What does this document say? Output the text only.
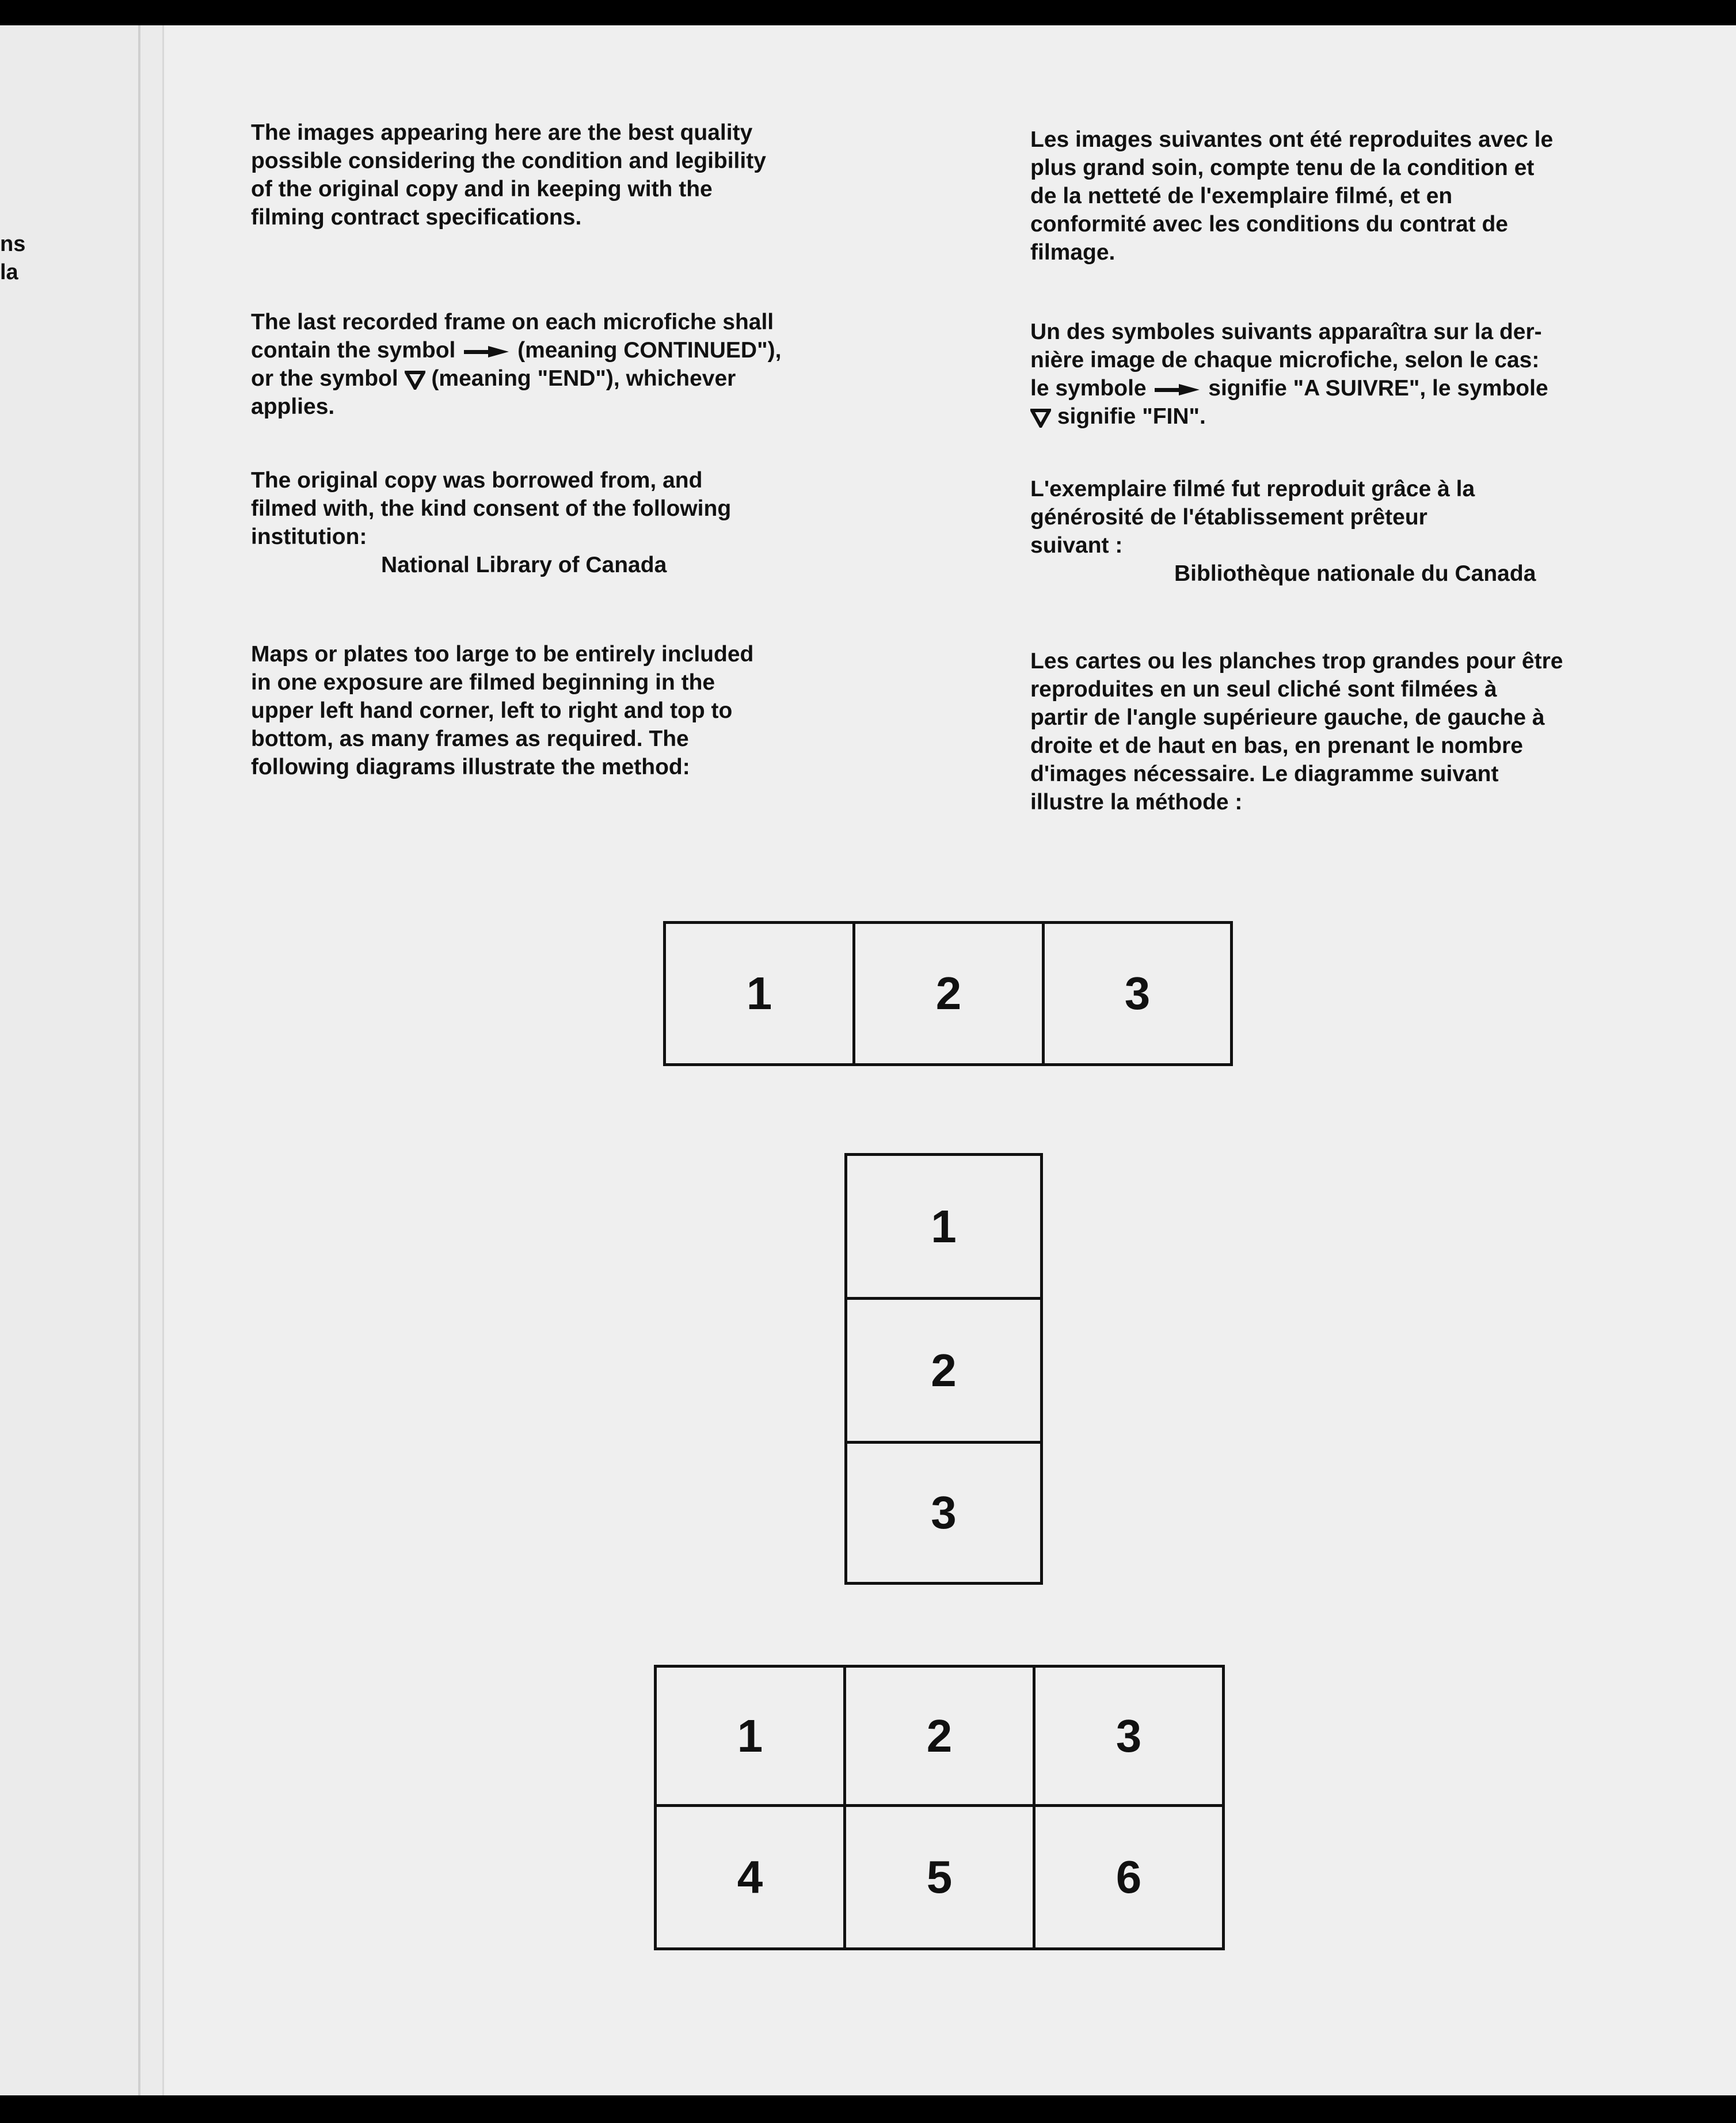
ns
la
The images appearing here are the best quality
possible considering the condition and legibility
of the original copy and in keeping with the
filming contract specifications.
The last recorded frame on each microfiche shall
contain the symbol	(meaning CONTINUED"),
or the symbol (meaning "END"), whichever
applies.
The original copy was borrowed from, and
filmed with, the kind consent of the following
institution:
National Library of Canada
Maps or plates too large to be entirely included
in one exposure are filmed beginning in the
upper left hand corner, left to right and top to
bottom, as many frames as required. The
following diagrams illustrate the method:
Les images suivantes ont été reproduites avec le
plus grand soin, compte tenu de la condition et
de la netteté de l'exemplaire filmé, et en
conformité avec les conditions du contrat de
filmage.
Un des symboles suivants apparaîtra sur la der-
nière image de chaque microfiche, selon le cas:
le symbole	signifie "A SUIVRE", le symbole
signifie "FIN".
L'exemplaire filmé fut reproduit grâce à la
générosité de l'établissement prêteur
suivant :
Bibliothèque nationale du Canada
Les cartes ou les planches trop grandes pour être
reproduites en un seul cliché sont filmées à
partir de l'angle supérieure gauche, de gauche à
droite et de haut en bas, en prenant le nombre
d'images nécessaire. Le diagramme suivant
illustre la méthode :
1	2	3
1
2
3
1	2	3
4	5	6
